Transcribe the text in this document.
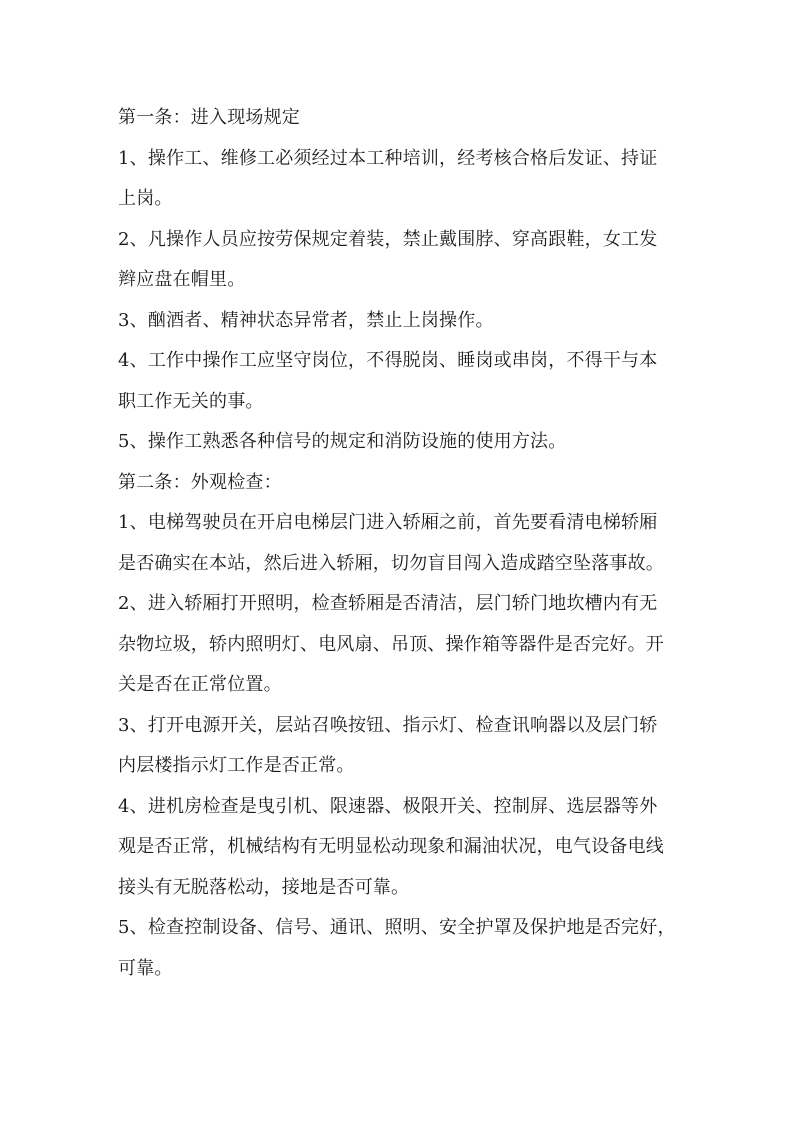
第一条：进入现场规定
1、操作工、维修工必须经过本工种培训，经考核合格后发证、持证
上岗。
2、凡操作人员应按劳保规定着装，禁止戴围脖、穿高跟鞋，女工发
辫应盘在帽里。
3、酗酒者、精神状态异常者，禁止上岗操作。
4、工作中操作工应坚守岗位，不得脱岗、睡岗或串岗，不得干与本
职工作无关的事。
5、操作工熟悉各种信号的规定和消防设施的使用方法。
第二条：外观检查：
1、电梯驾驶员在开启电梯层门进入轿厢之前，首先要看清电梯轿厢
是否确实在本站，然后进入轿厢，切勿盲目闯入造成踏空坠落事故。
2、进入轿厢打开照明，检查轿厢是否清洁，层门轿门地坎槽内有无
杂物垃圾，轿内照明灯、电风扇、吊顶、操作箱等器件是否完好。开
关是否在正常位置。
3、打开电源开关，层站召唤按钮、指示灯、检查讯响器以及层门轿
内层楼指示灯工作是否正常。
4、进机房检查是曳引机、限速器、极限开关、控制屏、选层器等外
观是否正常，机械结构有无明显松动现象和漏油状况，电气设备电线
接头有无脱落松动，接地是否可靠。
5、检查控制设备、信号、通讯、照明、安全护罩及保护地是否完好，
可靠。
